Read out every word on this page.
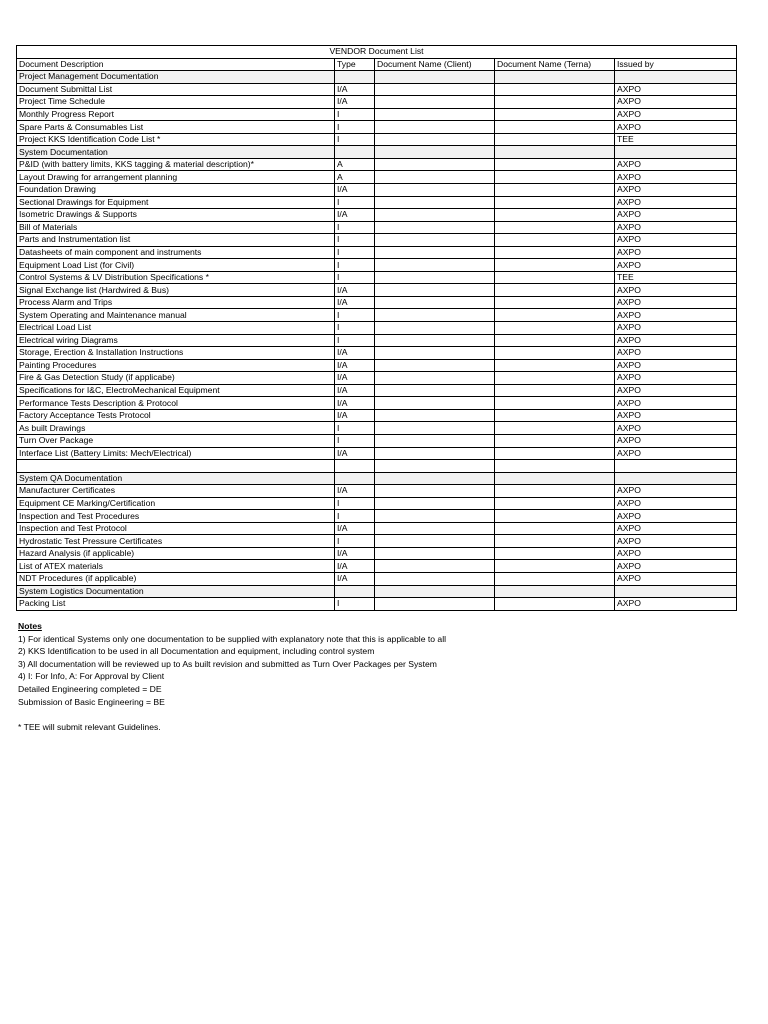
VENDOR Document List				
Document Description	Type	Document Name (Client)	Document Name (Terna)	Issued by
Project Management Documentation				
Document Submittal List	I/A			AXPO
Project Time Schedule	I/A			AXPO
Monthly Progress Report	I			AXPO
Spare Parts & Consumables List	I			AXPO
Project KKS Identification Code List *	I			TEE
System Documentation				
P&ID (with battery limits, KKS tagging & material description)*	A			AXPO
Layout Drawing for arrangement planning	A			AXPO
Foundation Drawing	I/A			AXPO
Sectional Drawings for Equipment	I			AXPO
Isometric Drawings & Supports	I/A			AXPO
Bill of Materials	I			AXPO
Parts and Instrumentation list	I			AXPO
Datasheets of main component and instruments	I			AXPO
Equipment Load List (for Civil)	I			AXPO
Control Systems & LV Distribution Specifications *	I			TEE
Signal Exchange list (Hardwired & Bus)	I/A			AXPO
Process Alarm and Trips	I/A			AXPO
System Operating and Maintenance manual	I			AXPO
Electrical Load List	I			AXPO
Electrical wiring Diagrams	I			AXPO
Storage, Erection & Installation Instructions	I/A			AXPO
Painting Procedures	I/A			AXPO
Fire & Gas Detection Study (if applicabe)	I/A			AXPO
Specifications for I&C, ElectroMechanical Equipment	I/A			AXPO
Performance Tests Description & Protocol	I/A			AXPO
Factory Acceptance Tests Protocol	I/A			AXPO
As built Drawings	I			AXPO
Turn Over Package	I			AXPO
Interface List (Battery Limits: Mech/Electrical)	I/A			AXPO

System QA Documentation				
Manufacturer Certificates	I/A			AXPO
Equipment CE Marking/Certification	I			AXPO
Inspection and Test Procedures	I			AXPO
Inspection and Test Protocol	I/A			AXPO
Hydrostatic Test Pressure Certificates	I			AXPO
Hazard Analysis (if applicable)	I/A			AXPO
List of ATEX materials	I/A			AXPO
NDT Procedures (if applicable)	I/A			AXPO
System Logistics Documentation				
Packing List	I			AXPO
Notes
1) For identical Systems only one documentation to be supplied with explanatory note that this is applicable to all
2) KKS Identification to be used in all Documentation and equipment, including control system
3) All documentation will be reviewed up to As built revision and submitted as Turn Over Packages per System
4) I: For Info, A: For Approval by Client
Detailed Engineering completed = DE
Submission of Basic Engineering = BE
* TEE will submit relevant Guidelines.
